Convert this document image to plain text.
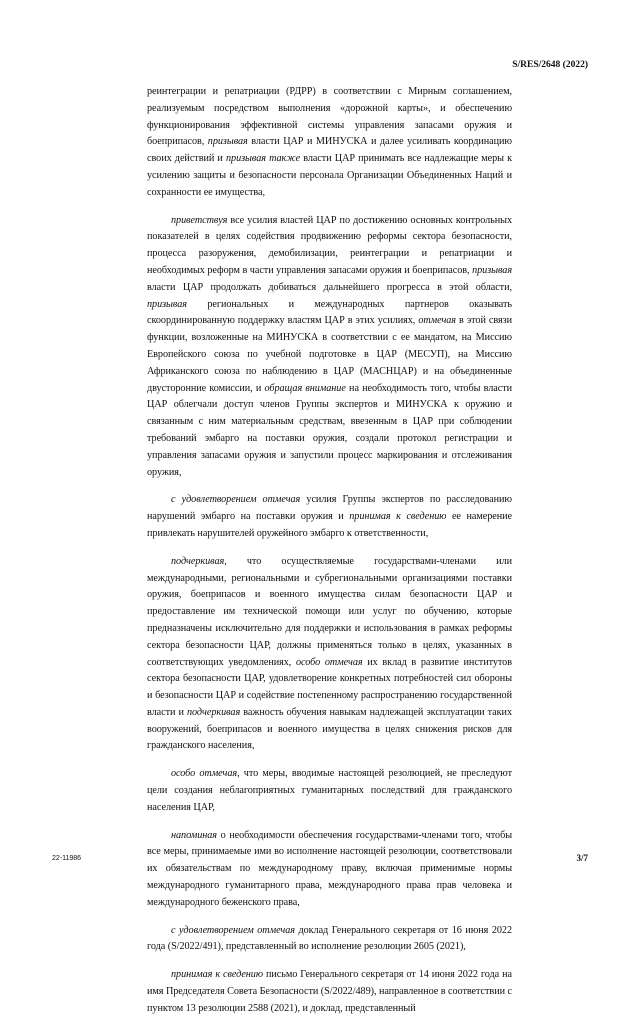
S/RES/2648 (2022)

реинтеграции и репатриации (РДРР) в соответствии с Мирным соглашением, реализуемым посредством выполнения «дорожной карты», и обеспечению функционирования эффективной системы управления запасами оружия и боеприпасов, призывая власти ЦАР и МИНУСКА и далее усиливать координацию своих действий и призывая также власти ЦАР принимать все надлежащие меры к усилению защиты и безопасности персонала Организации Объединенных Наций и сохранности ее имущества,

приветствуя все усилия властей ЦАР по достижению основных контрольных показателей в целях содействия продвижению реформы сектора безопасности, процесса разоружения, демобилизации, реинтеграции и репатриации и необходимых реформ в части управления запасами оружия и боеприпасов, призывая власти ЦАР продолжать добиваться дальнейшего прогресса в этой области, призывая региональных и международных партнеров оказывать скоординированную поддержку властям ЦАР в этих усилиях, отмечая в этой связи функции, возложенные на МИНУСКА в соответствии с ее мандатом, на Миссию Европейского союза по учебной подготовке в ЦАР (МЕСУП), на Миссию Африканского союза по наблюдению в ЦАР (МАСНЦАР) и на объединенные двусторонние комиссии, и обращая внимание на необходимость того, чтобы власти ЦАР облегчали доступ членов Группы экспертов и МИНУСКА к оружию и связанным с ним материальным средствам, ввезенным в ЦАР при соблюдении требований эмбарго на поставки оружия, создали протокол регистрации и управления запасами оружия и запустили процесс маркирования и отслеживания оружия,

с удовлетворением отмечая усилия Группы экспертов по расследованию нарушений эмбарго на поставки оружия и принимая к сведению ее намерение привлекать нарушителей оружейного эмбарго к ответственности,

подчеркивая, что осуществляемые государствами-членами или международными, региональными и субрегиональными организациями поставки оружия, боеприпасов и военного имущества силам безопасности ЦАР и предоставление им технической помощи или услуг по обучению, которые предназначены исключительно для поддержки и использования в рамках реформы сектора безопасности ЦАР, должны применяться только в целях, указанных в соответствующих уведомлениях, особо отмечая их вклад в развитие институтов сектора безопасности ЦАР, удовлетворение конкретных потребностей сил обороны и безопасности ЦАР и содействие постепенному распространению государственной власти и подчеркивая важность обучения навыкам надлежащей эксплуатации таких вооружений, боеприпасов и военного имущества в целях снижения рисков для гражданского населения,

особо отмечая, что меры, вводимые настоящей резолюцией, не преследуют цели создания неблагоприятных гуманитарных последствий для гражданского населения ЦАР,

напоминая о необходимости обеспечения государствами-членами того, чтобы все меры, принимаемые ими во исполнение настоящей резолюции, соответствовали их обязательствам по международному праву, включая применимые нормы международного гуманитарного права, международного права прав человека и международного беженского права,

с удовлетворением отмечая доклад Генерального секретаря от 16 июня 2022 года (S/2022/491), представленный во исполнение резолюции 2605 (2021),

принимая к сведению письмо Генерального секретаря от 14 июня 2022 года на имя Председателя Совета Безопасности (S/2022/489), направленное в соответствии с пунктом 13 резолюции 2588 (2021), и доклад, представленный

22-11986	3/7
